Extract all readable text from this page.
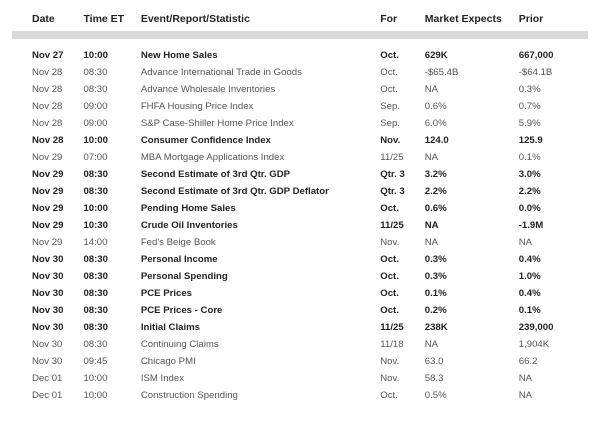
Date	Time ET	Event/Report/Statistic	For	Market Expects	Prior
Nov 27	10:00	New Home Sales	Oct.	629K	667,000
Nov 28	08:30	Advance International Trade in Goods	Oct.	-$65.4B	-$64.1B
Nov 28	08:30	Advance Wholesale Inventories	Oct.	NA	0.3%
Nov 28	09:00	FHFA Housing Price Index	Sep.	0.6%	0.7%
Nov 28	09:00	S&P Case-Shiller Home Price Index	Sep.	6.0%	5.9%
Nov 28	10:00	Consumer Confidence Index	Nov.	124.0	125.9
Nov 29	07:00	MBA Mortgage Applications Index	11/25	NA	0.1%
Nov 29	08:30	Second Estimate of 3rd Qtr. GDP	Qtr. 3	3.2%	3.0%
Nov 29	08:30	Second Estimate of 3rd Qtr. GDP Deflator	Qtr. 3	2.2%	2.2%
Nov 29	10:00	Pending Home Sales	Oct.	0.6%	0.0%
Nov 29	10:30	Crude Oil Inventories	11/25	NA	-1.9M
Nov 29	14:00	Fed's Beige Book	Nov.	NA	NA
Nov 30	08:30	Personal Income	Oct.	0.3%	0.4%
Nov 30	08:30	Personal Spending	Oct.	0.3%	1.0%
Nov 30	08:30	PCE Prices	Oct.	0.1%	0.4%
Nov 30	08:30	PCE Prices - Core	Oct.	0.2%	0.1%
Nov 30	08:30	Initial Claims	11/25	238K	239,000
Nov 30	08:30	Continuing Claims	11/18	NA	1,904K
Nov 30	09:45	Chicago PMI	Nov.	63.0	66.2
Dec 01	10:00	ISM Index	Nov.	58.3	NA
Dec 01	10:00	Construction Spending	Oct.	0.5%	NA
